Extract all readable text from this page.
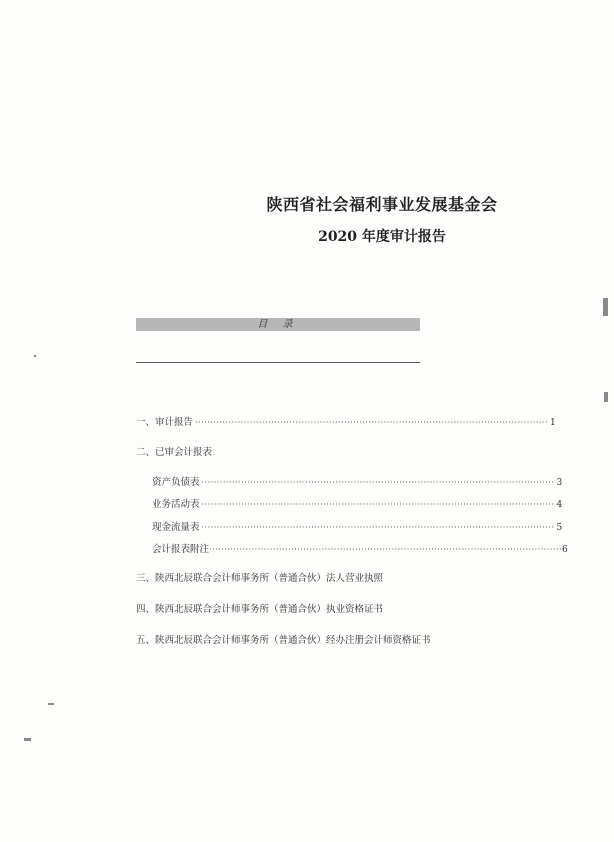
陕西省社会福利事业发展基金会
2020 年度审计报告
目 录
一、审计报告 ···················································································································· 1
二、已审会计报表
资产负债表 ···················································································································· 3
业务活动表 ···················································································································· 4
现金流量表 ···················································································································· 5
会计报表附注 ···················································································································· 6
三、陕西北辰联合会计师事务所（普通合伙）法人营业执照
四、陕西北辰联合会计师事务所（普通合伙）执业资格证书
五、陕西北辰联合会计师事务所（普通合伙）经办注册会计师资格证书
